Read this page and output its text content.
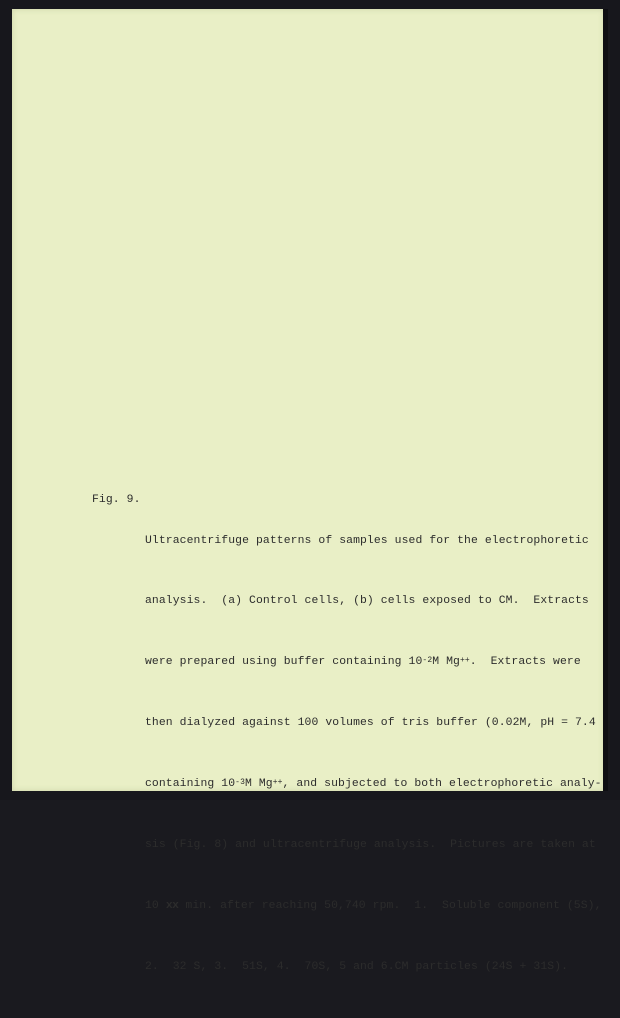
Fig. 9.

Ultracentrifuge patterns of samples used for the electrophoretic

analysis.  (a) Control cells, (b) cells exposed to CM.  Extracts

were prepared using buffer containing $10^{-2}M$ Mg++.  Extracts were

then dialyzed against 100 volumes of tris buffer (0.02M, pH = 7.4

containing $10^{-3}M$ Mg++, and subjected to both electrophoretic analy-

sis (Fig. 8) and ultracentrifuge analysis.  Pictures are taken at

10 xx min. after reaching 50,740 rpm.  1.  Soluble component (5S),

2.  32 S, 3.  51S, 4.  70S, 5 and 6.CM particles (24S + 31S).
